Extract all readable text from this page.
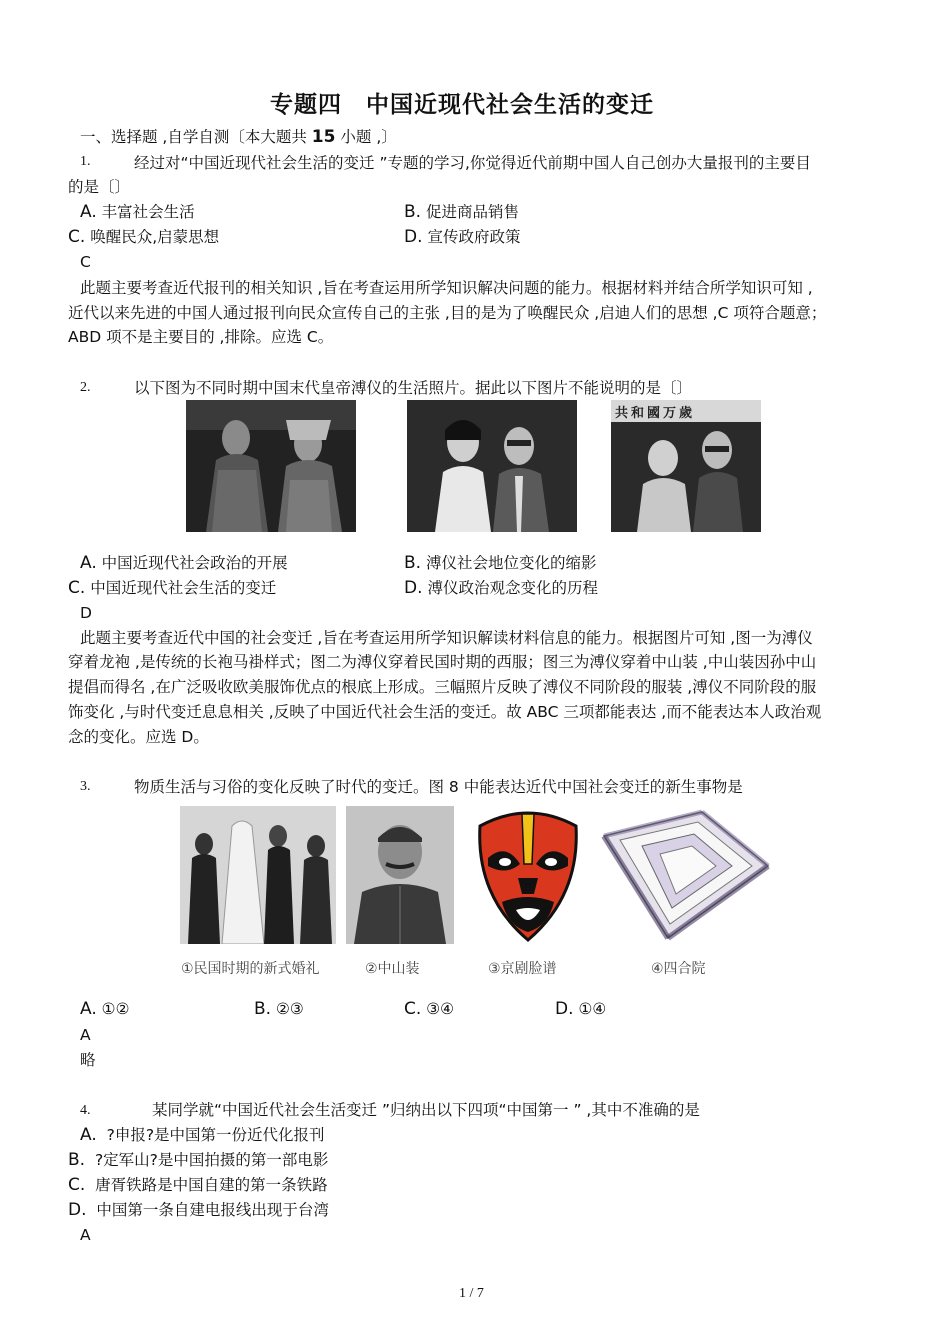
专题四　中国近现代社会生活的变迁
一、选择题 ,自学自测〔本大题共 15 小题 ,〕
1.	经过对“中国近现代社会生活的变迁 ”专题的学习,你觉得近代前期中国人自己创办大量报刊的主要目
的是〔〕
A. 丰富社会生活	B. 促进商品销售
C. 唤醒民众,启蒙思想	D. 宣传政府政策
C
此题主要考查近代报刊的相关知识 ,旨在考查运用所学知识解决问题的能力。根据材料并结合所学知识可知 ,
近代以来先进的中国人通过报刊向民众宣传自己的主张 ,目的是为了唤醒民众 ,启迪人们的思想 ,C 项符合题意；
ABD 项不是主要目的 ,排除。应选 C。
2.	以下图为不同时期中国末代皇帝溥仪的生活照片。据此以下图片不能说明的是〔〕
共和國万歲
A. 中国近现代社会政治的开展	B. 溥仪社会地位变化的缩影
C. 中国近现代社会生活的变迁	D. 溥仪政治观念变化的历程
D
此题主要考查近代中国的社会变迁 ,旨在考查运用所学知识解读材料信息的能力。根据图片可知 ,图一为溥仪
穿着龙袍 ,是传统的长袍马褂样式；图二为溥仪穿着民国时期的西服；图三为溥仪穿着中山装 ,中山装因孙中山
提倡而得名 ,在广泛吸收欧美服饰优点的根底上形成。三幅照片反映了溥仪不同阶段的服装 ,溥仪不同阶段的服
饰变化 ,与时代变迁息息相关 ,反映了中国近代社会生活的变迁。故 ABC 三项都能表达 ,而不能表达本人政治观
念的变化。应选 D。
3.	物质生活与习俗的变化反映了时代的变迁。图 8 中能表达近代中国社会变迁的新生事物是
①民国时期的新式婚礼	②中山装	③京剧脸谱	④四合院
A. ①②	B. ②③	C. ③④	D. ①④
A
略
4.	某同学就“中国近代社会生活变迁 ”归纳出以下四项“中国第一 ” ,其中不准确的是
A. ?申报?是中国第一份近代化报刊
B. ?定军山?是中国拍摄的第一部电影
C. 唐胥铁路是中国自建的第一条铁路
D. 中国第一条自建电报线出现于台湾
A
1 / 7
